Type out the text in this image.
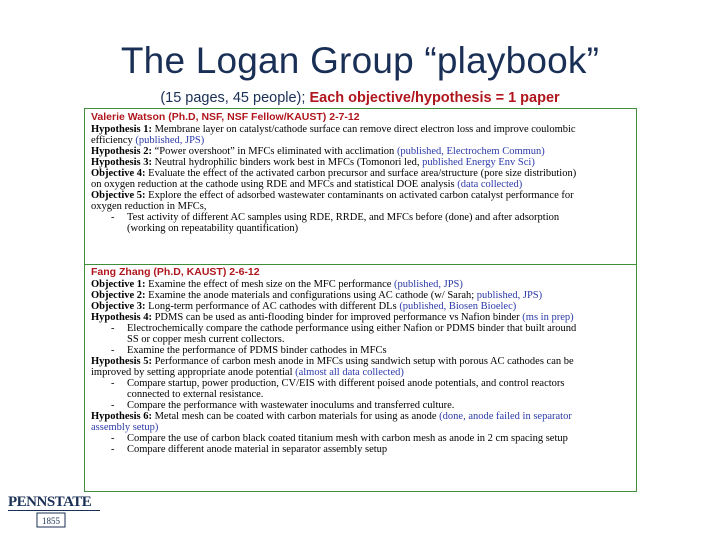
The Logan Group “playbook”
(15 pages, 45 people); Each objective/hypothesis = 1 paper
Valerie Watson (Ph.D, NSF, NSF Fellow/KAUST) 2-7-12
Hypothesis 1: Membrane layer on catalyst/cathode surface can remove direct electron loss and improve coulombic
efficiency (published, JPS)
Hypothesis 2: “Power overshoot” in MFCs eliminated with acclimation (published, Electrochem Commun)
Hypothesis 3: Neutral hydrophilic binders work best in MFCs (Tomonori led, published Energy Env Sci)
Objective 4: Evaluate the effect of the activated carbon precursor and surface area/structure (pore size distribution)
on oxygen reduction at the cathode using RDE and MFCs and statistical DOE analysis (data collected)
Objective 5: Explore the effect of adsorbed wastewater contaminants on activated carbon catalyst performance for
oxygen reduction in MFCs,
- Test activity of different AC samples using RDE, RRDE, and MFCs before (done) and after adsorption
(working on repeatability quantification)
Fang Zhang (Ph.D, KAUST) 2-6-12
Objective 1: Examine the effect of mesh size on the MFC performance (published, JPS)
Objective 2: Examine the anode materials and configurations using AC cathode (w/ Sarah; published, JPS)
Objective 3: Long-term performance of AC cathodes with different DLs (published, Biosen Bioelec)
Hypothesis 4: PDMS can be used as anti-flooding binder for improved performance vs Nafion binder (ms in prep)
- Electrochemically compare the cathode performance using either Nafion or PDMS binder that built around
SS or copper mesh current collectors.
- Examine the performance of PDMS binder cathodes in MFCs
Hypothesis 5: Performance of carbon mesh anode in MFCs using sandwich setup with porous AC cathodes can be
improved by setting appropriate anode potential (almost all data collected)
- Compare startup, power production, CV/EIS with different poised anode potentials, and control reactors
connected to external resistance.
- Compare the performance with wastewater inoculums and transferred culture.
Hypothesis 6: Metal mesh can be coated with carbon materials for using as anode (done, anode failed in separator
assembly setup)
- Compare the use of carbon black coated titanium mesh with carbon mesh as anode in 2 cm spacing setup
- Compare different anode material in separator assembly setup
PENNSTATE
1855
